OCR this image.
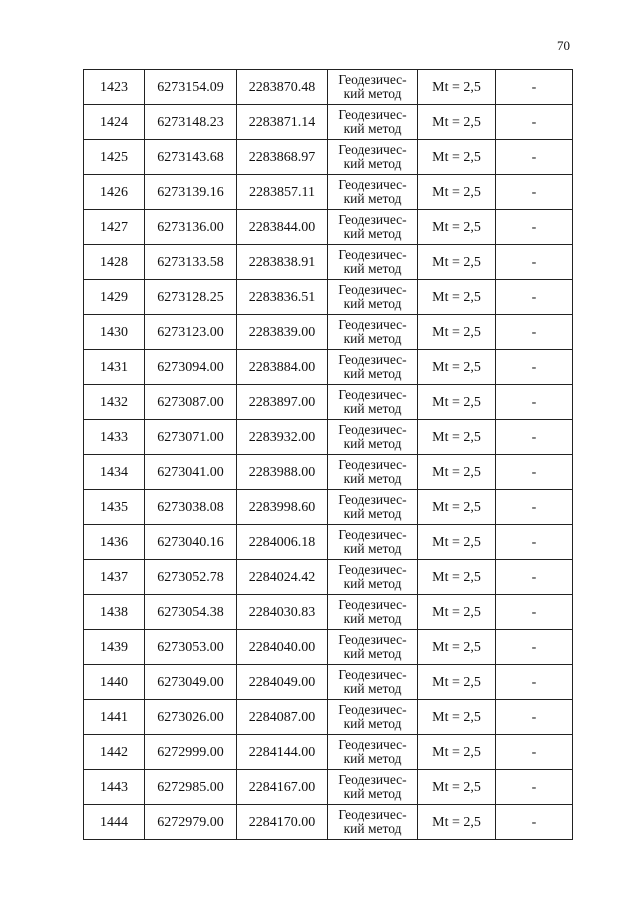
70
1423	6273154.09	2283870.48	Геодезичес-
кий метод	Mt = 2,5	-
1424	6273148.23	2283871.14	Геодезичес-
кий метод	Mt = 2,5	-
1425	6273143.68	2283868.97	Геодезичес-
кий метод	Mt = 2,5	-
1426	6273139.16	2283857.11	Геодезичес-
кий метод	Mt = 2,5	-
1427	6273136.00	2283844.00	Геодезичес-
кий метод	Mt = 2,5	-
1428	6273133.58	2283838.91	Геодезичес-
кий метод	Mt = 2,5	-
1429	6273128.25	2283836.51	Геодезичес-
кий метод	Mt = 2,5	-
1430	6273123.00	2283839.00	Геодезичес-
кий метод	Mt = 2,5	-
1431	6273094.00	2283884.00	Геодезичес-
кий метод	Mt = 2,5	-
1432	6273087.00	2283897.00	Геодезичес-
кий метод	Mt = 2,5	-
1433	6273071.00	2283932.00	Геодезичес-
кий метод	Mt = 2,5	-
1434	6273041.00	2283988.00	Геодезичес-
кий метод	Mt = 2,5	-
1435	6273038.08	2283998.60	Геодезичес-
кий метод	Mt = 2,5	-
1436	6273040.16	2284006.18	Геодезичес-
кий метод	Mt = 2,5	-
1437	6273052.78	2284024.42	Геодезичес-
кий метод	Mt = 2,5	-
1438	6273054.38	2284030.83	Геодезичес-
кий метод	Mt = 2,5	-
1439	6273053.00	2284040.00	Геодезичес-
кий метод	Mt = 2,5	-
1440	6273049.00	2284049.00	Геодезичес-
кий метод	Mt = 2,5	-
1441	6273026.00	2284087.00	Геодезичес-
кий метод	Mt = 2,5	-
1442	6272999.00	2284144.00	Геодезичес-
кий метод	Mt = 2,5	-
1443	6272985.00	2284167.00	Геодезичес-
кий метод	Mt = 2,5	-
1444	6272979.00	2284170.00	Геодезичес-
кий метод	Mt = 2,5	-
